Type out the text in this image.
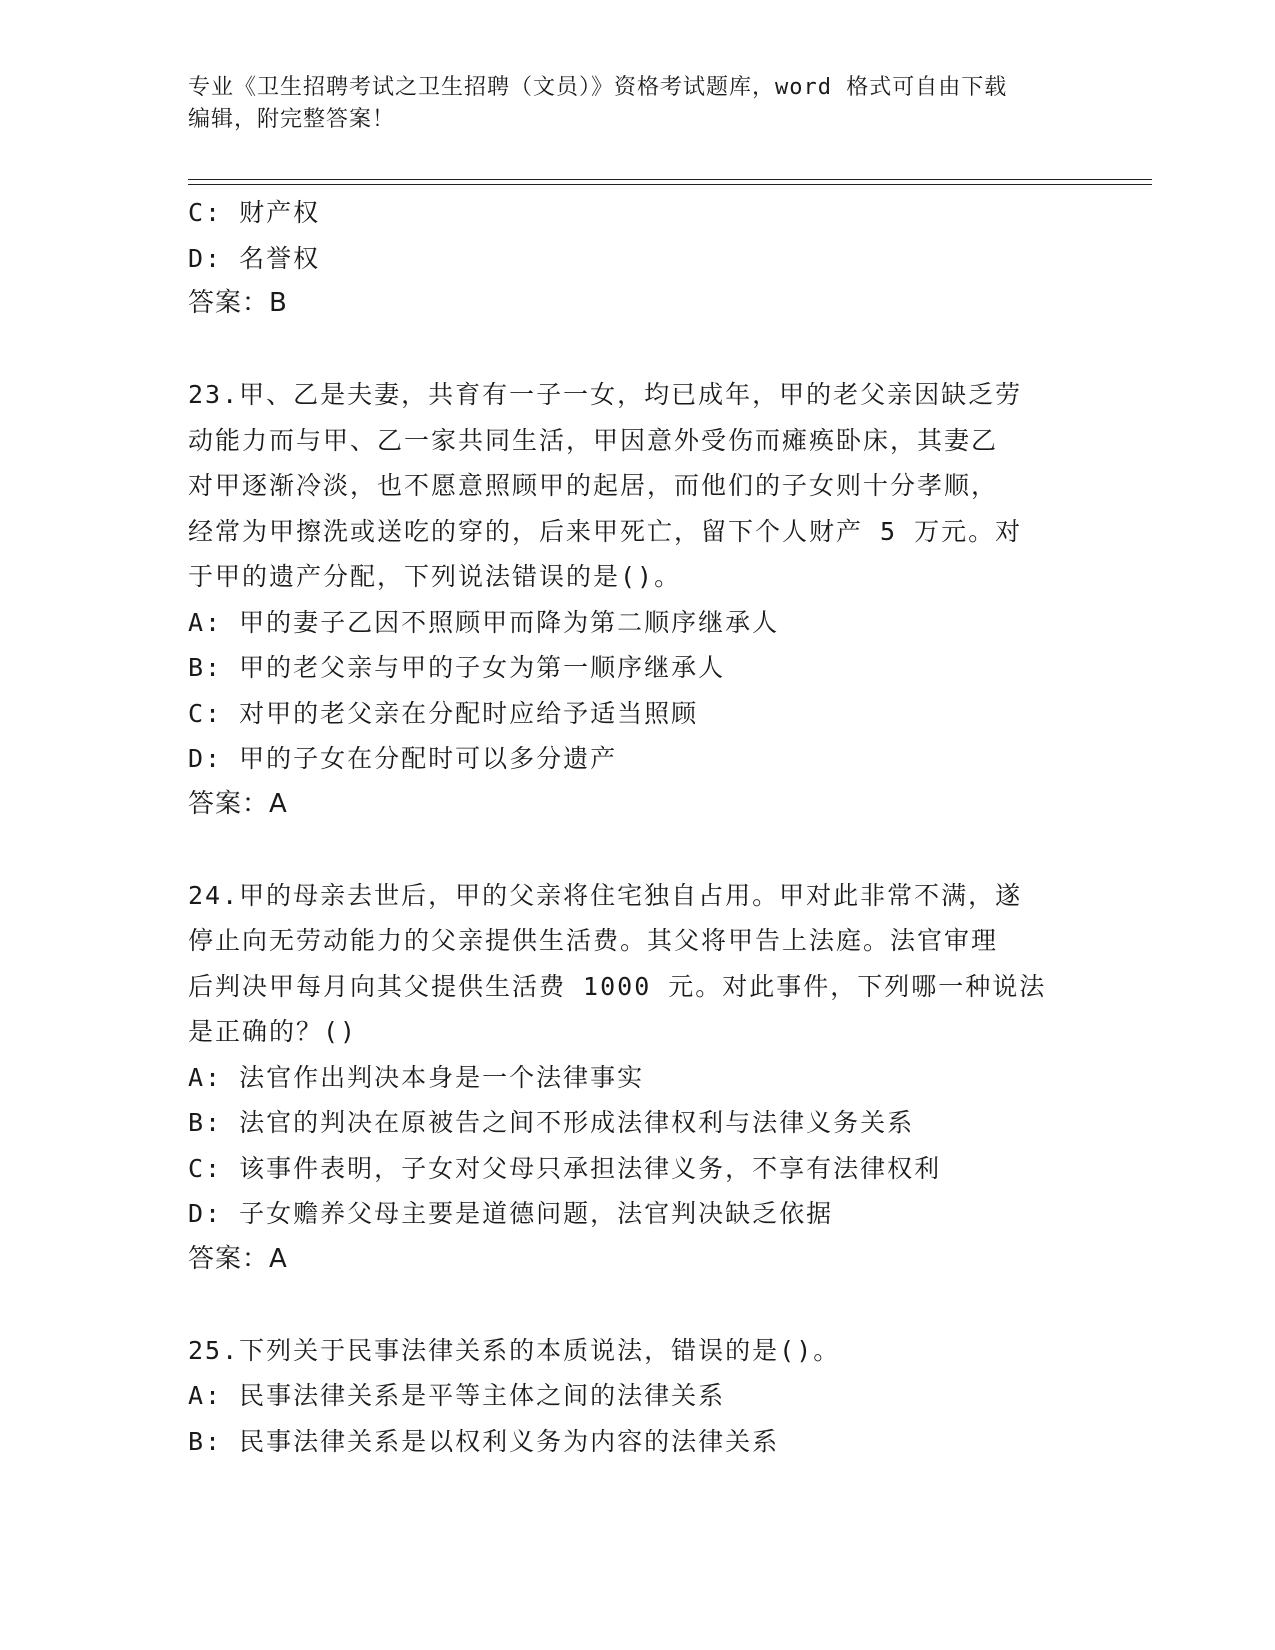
专业《卫生招聘考试之卫生招聘（文员）》资格考试题库，word 格式可自由下载
编辑，附完整答案！
C: 财产权
D: 名誉权
答案：B
23.甲、乙是夫妻，共育有一子一女，均已成年，甲的老父亲因缺乏劳
动能力而与甲、乙一家共同生活，甲因意外受伤而瘫痪卧床，其妻乙
对甲逐渐冷淡，也不愿意照顾甲的起居，而他们的子女则十分孝顺，
经常为甲擦洗或送吃的穿的，后来甲死亡，留下个人财产 5 万元。对
于甲的遗产分配，下列说法错误的是()。
A: 甲的妻子乙因不照顾甲而降为第二顺序继承人
B: 甲的老父亲与甲的子女为第一顺序继承人
C: 对甲的老父亲在分配时应给予适当照顾
D: 甲的子女在分配时可以多分遗产
答案：A
24.甲的母亲去世后，甲的父亲将住宅独自占用。甲对此非常不满，遂
停止向无劳动能力的父亲提供生活费。其父将甲告上法庭。法官审理
后判决甲每月向其父提供生活费 1000 元。对此事件，下列哪一种说法
是正确的？()
A: 法官作出判决本身是一个法律事实
B: 法官的判决在原被告之间不形成法律权利与法律义务关系
C: 该事件表明，子女对父母只承担法律义务，不享有法律权利
D: 子女赡养父母主要是道德问题，法官判决缺乏依据
答案：A
25.下列关于民事法律关系的本质说法，错误的是()。
A: 民事法律关系是平等主体之间的法律关系
B: 民事法律关系是以权利义务为内容的法律关系
